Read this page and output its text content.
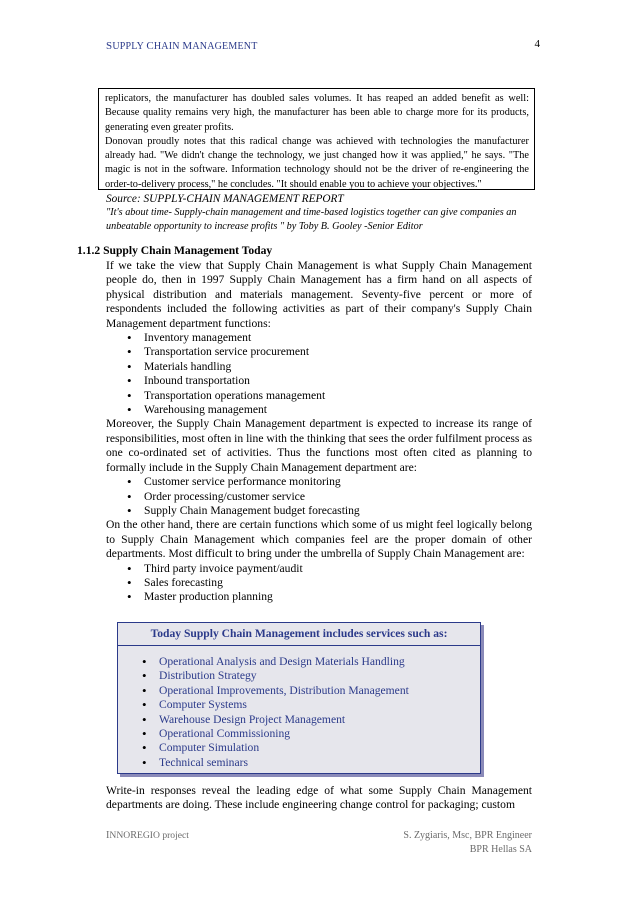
SUPPLY CHAIN MANAGEMENT	4

replicators, the manufacturer has doubled sales volumes. It has reaped an added benefit as well: Because quality remains very high, the manufacturer has been able to charge more for its products, generating even greater profits.

Donovan proudly notes that this radical change was achieved with technologies the manufacturer already had. "We didn't change the technology, we just changed how it was applied," he says. "The magic is not in the software. Information technology should not be the driver of re-engineering the order-to-delivery process," he concludes. "It should enable you to achieve your objectives."

Source: SUPPLY-CHAIN MANAGEMENT REPORT
"It's about time- Supply-chain management and time-based logistics together can give companies an unbeatable opportunity to increase profits " by Toby B. Gooley -Senior Editor
1.1.2 Supply Chain Management Today

If we take the view that Supply Chain Management is what Supply Chain Management people do, then in 1997 Supply Chain Management has a firm hand on all aspects of physical distribution and materials management. Seventy-five percent or more of respondents included the following activities as part of their company's Supply Chain Management department functions:

• Inventory management
• Transportation service procurement
• Materials handling
• Inbound transportation
• Transportation operations management
• Warehousing management

Moreover, the Supply Chain Management department is expected to increase its range of responsibilities, most often in line with the thinking that sees the order fulfilment process as one co-ordinated set of activities. Thus the functions most often cited as planning to formally include in the Supply Chain Management department are:

• Customer service performance monitoring
• Order processing/customer service
• Supply Chain Management budget forecasting

On the other hand, there are certain functions which some of us might feel logically belong to Supply Chain Management which companies feel are the proper domain of other departments. Most difficult to bring under the umbrella of Supply Chain Management are:

• Third party invoice payment/audit
• Sales forecasting
• Master production planning
Today Supply Chain Management includes services such as:
• Operational Analysis and Design Materials Handling
• Distribution Strategy
• Operational Improvements, Distribution Management
• Computer Systems
• Warehouse Design Project Management
• Operational Commissioning
• Computer Simulation
• Technical seminars

Write-in responses reveal the leading edge of what some Supply Chain Management departments are doing. These include engineering change control for packaging; custom

INNOREGIO project	S. Zygiaris, Msc, BPR Engineer
BPR Hellas SA
